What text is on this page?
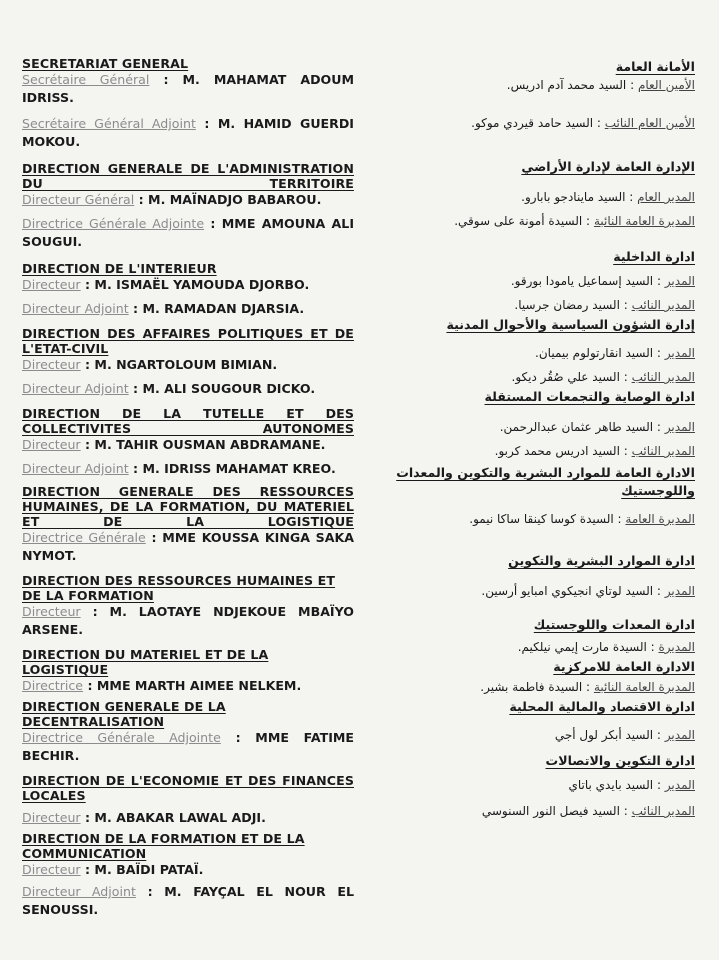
SECRETARIAT GENERAL
Secrétaire Général : M. MAHAMAT ADOUM IDRISS.
Secrétaire Général Adjoint : M. HAMID GUERDI MOKOU.
DIRECTION GENERALE DE L'ADMINISTRATION DU TERRITOIRE
Directeur Général : M. MAÏNADJO BABAROU.
Directrice Générale Adjointe : MME AMOUNA ALI SOUGUI.
DIRECTION DE L'INTERIEUR
Directeur : M. ISMAËL YAMOUDA DJORBO.
Directeur Adjoint : M. RAMADAN DJARSIA.
DIRECTION DES AFFAIRES POLITIQUES ET DE L'ETAT-CIVIL
Directeur : M. NGARTOLOUM BIMIAN.
Directeur Adjoint : M. ALI SOUGOUR DICKO.
DIRECTION DE LA TUTELLE ET DES COLLECTIVITES AUTONOMES
Directeur : M. TAHIR OUSMAN ABDRAMANE.
Directeur Adjoint : M. IDRISS MAHAMAT KREO.
DIRECTION GENERALE DES RESSOURCES HUMAINES, DE LA FORMATION, DU MATERIEL ET DE LA LOGISTIQUE
Directrice Générale : MME KOUSSA KINGA SAKA NYMOT.
DIRECTION DES RESSOURCES HUMAINES ET DE LA FORMATION
Directeur : M. LAOTAYE NDJEKOUE MBAÏYO ARSENE.
DIRECTION DU MATERIEL ET DE LA LOGISTIQUE
Directrice : MME MARTH AIMEE NELKEM.
DIRECTION GENERALE DE LA DECENTRALISATION
Directrice Générale Adjointe : MME FATIME BECHIR.
DIRECTION DE L'ECONOMIE ET DES FINANCES LOCALES
Directeur : M. ABAKAR LAWAL ADJI.
DIRECTION DE LA FORMATION ET DE LA COMMUNICATION
Directeur : M. BAÏDI PATAÏ.
Directeur Adjoint : M. FAYÇAL EL NOUR EL SENOUSSI.
الأمانة العامة
الأمين العام : السيد محمد آدم ادريس.
الأمين العام النائب : السيد حامد قيردي موكو.
الإدارة العامة لإدارة الأراضي
المدير العام : السيد ماينادجو بابارو.
المديرة العامة النائبة : السيدة أمونة على سوقي.
ادارة الداخلية
المدير : السيد إسماعيل يامودا بورقو.
المدير النائب : السيد رمضان جرسيا.
إدارة الشؤون السياسية والأحوال المدنية
المدير : السيد انقارتولوم بيميان.
المدير النائب : السيد علي صُقُر ديكو.
ادارة الوصاية والتجمعات المستقلة
المدير : السيد طاهر عثمان عبدالرحمن.
المدير النائب : السيد ادريس محمد كربو.
الادارة العامة للموارد البشرية والتكوين والمعدات واللوجستيك
المديرة العامة : السيدة كوسا كينقا ساكا نيمو.
ادارة الموارد البشرية والتكوين
المدير : السيد لوتاي انجيكوي امبايو أرسين.
ادارة المعدات واللوجستيك
المديرة : السيدة مارت إيمي نيلكيم.
الادارة العامة للامركزية
المديرة العامة النائبة : السيدة فاطمة بشير.
ادارة الاقتصاد والمالية المحلية
المدير : السيد أبكر لول أجي
ادارة التكوين والاتصالات
المدير : السيد بايدي باتاي
المدير النائب : السيد فيصل النور السنوسي
